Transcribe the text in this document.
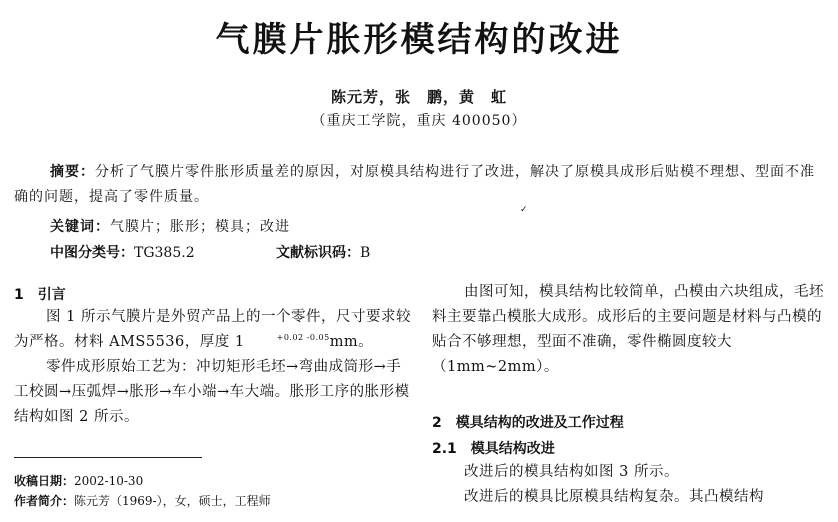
气膜片胀形模结构的改进
陈元芳，张　鹏，黄　虹
（重庆工学院，重庆 400050）
摘要：分析了气膜片零件胀形质量差的原因，对原模具结构进行了改进，解决了原模具成形后贴模不理想、型面不准确的问题，提高了零件质量。
✓
关键词：气膜片；胀形；模具；改进
中图分类号：TG385.2	文献标识码：B
1　引言

图 1 所示气膜片是外贸产品上的一个零件，尺寸要求较为严格。材料 AMS5536，厚度 1	$^{+0.02 -0.05}$mm。

零件成形原始工艺为：冲切矩形毛坯→弯曲成筒形→手工校圆→压弧焊→胀形→车小端→车大端。胀形工序的胀形模结构如图 2 所示。

由图可知，模具结构比较简单，凸模由六块组成，毛坯料主要靠凸模胀大成形。成形后的主要问题是材料与凸模的贴合不够理想，型面不准确，零件椭圆度较大（1mm~2mm）。

2　模具结构的改进及工作过程
2.1　模具结构改进

改进后的模具结构如图 3 所示。

改进后的模具比原模具结构复杂。其凸模结构

收稿日期：2002-10-30
作者简介：陈元芳（1969-），女，硕士，工程师
